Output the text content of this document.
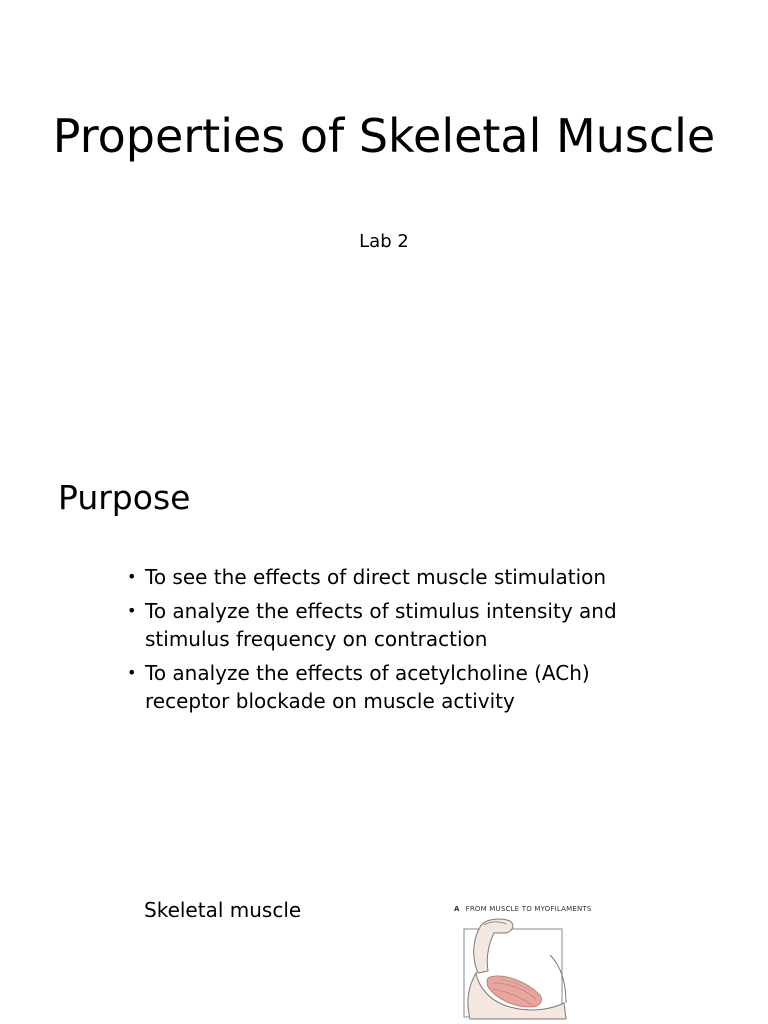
Properties of Skeletal Muscle

Lab 2

Purpose
• To see the effects of direct muscle stimulation
• To analyze the effects of stimulus intensity and stimulus frequency on contraction
• To analyze the effects of acetylcholine (ACh) receptor blockade on muscle activity

Skeletal muscle	A FROM MUSCLE TO MYOFILAMENTS
